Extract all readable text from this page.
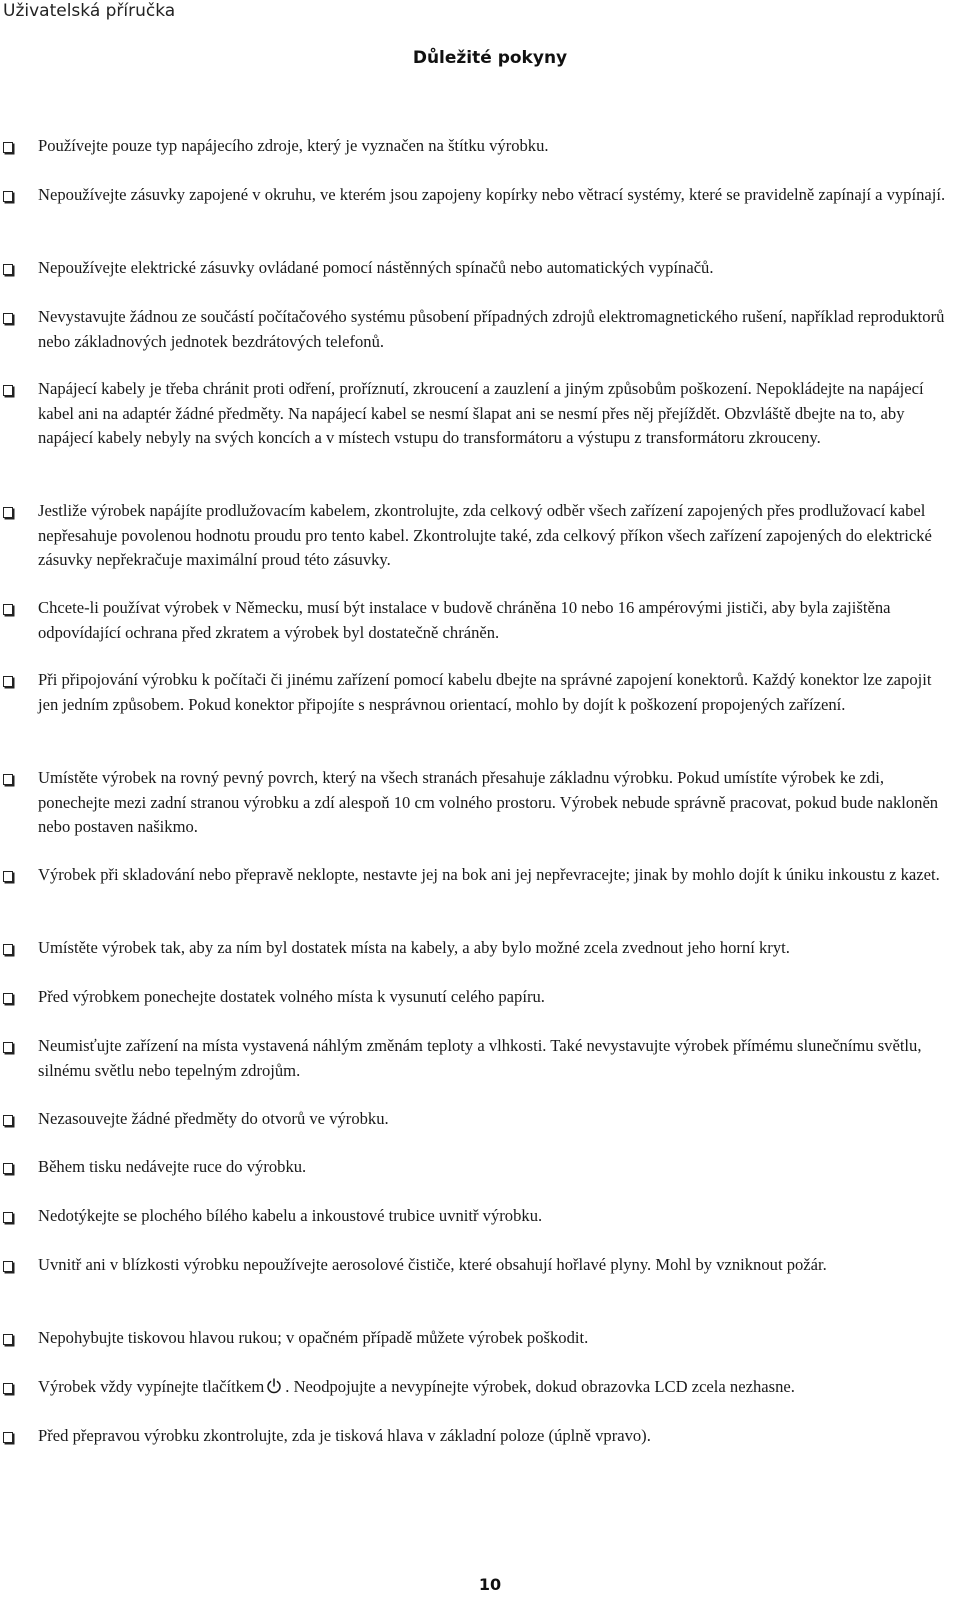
Uživatelská příručka
Důležité pokyny
Používejte pouze typ napájecího zdroje, který je vyznačen na štítku výrobku.
Nepoužívejte zásuvky zapojené v okruhu, ve kterém jsou zapojeny kopírky nebo větrací systémy, které se pravidelně zapínají a vypínají.
Nepoužívejte elektrické zásuvky ovládané pomocí nástěnných spínačů nebo automatických vypínačů.
Nevystavujte žádnou ze součástí počítačového systému působení případných zdrojů elektromagnetického rušení, například reproduktorů nebo základnových jednotek bezdrátových telefonů.
Napájecí kabely je třeba chránit proti odření, proříznutí, zkroucení a zauzlení a jiným způsobům poškození. Nepokládejte na napájecí kabel ani na adaptér žádné předměty. Na napájecí kabel se nesmí šlapat ani se nesmí přes něj přejíždět. Obzvláště dbejte na to, aby napájecí kabely nebyly na svých koncích a v místech vstupu do transformátoru a výstupu z transformátoru zkrouceny.
Jestliže výrobek napájíte prodlužovacím kabelem, zkontrolujte, zda celkový odběr všech zařízení zapojených přes prodlužovací kabel nepřesahuje povolenou hodnotu proudu pro tento kabel. Zkontrolujte také, zda celkový příkon všech zařízení zapojených do elektrické zásuvky nepřekračuje maximální proud této zásuvky.
Chcete-li používat výrobek v Německu, musí být instalace v budově chráněna 10 nebo 16 ampérovými jističi, aby byla zajištěna odpovídající ochrana před zkratem a výrobek byl dostatečně chráněn.
Při připojování výrobku k počítači či jinému zařízení pomocí kabelu dbejte na správné zapojení konektorů. Každý konektor lze zapojit jen jedním způsobem. Pokud konektor připojíte s nesprávnou orientací, mohlo by dojít k poškození propojených zařízení.
Umístěte výrobek na rovný pevný povrch, který na všech stranách přesahuje základnu výrobku. Pokud umístíte výrobek ke zdi, ponechejte mezi zadní stranou výrobku a zdí alespoň 10 cm volného prostoru. Výrobek nebude správně pracovat, pokud bude nakloněn nebo postaven našikmo.
Výrobek při skladování nebo přepravě neklopte, nestavte jej na bok ani jej nepřevracejte; jinak by mohlo dojít k úniku inkoustu z kazet.
Umístěte výrobek tak, aby za ním byl dostatek místa na kabely, a aby bylo možné zcela zvednout jeho horní kryt.
Před výrobkem ponechejte dostatek volného místa k vysunutí celého papíru.
Neumisťujte zařízení na místa vystavená náhlým změnám teploty a vlhkosti. Také nevystavujte výrobek přímému slunečnímu světlu, silnému světlu nebo tepelným zdrojům.
Nezasouvejte žádné předměty do otvorů ve výrobku.
Během tisku nedávejte ruce do výrobku.
Nedotýkejte se plochého bílého kabelu a inkoustové trubice uvnitř výrobku.
Uvnitř ani v blízkosti výrobku nepoužívejte aerosolové čističe, které obsahují hořlavé plyny. Mohl by vzniknout požár.
Nepohybujte tiskovou hlavou rukou; v opačném případě můžete výrobek poškodit.
Výrobek vždy vypínejte tlačítkem . Neodpojujte a nevypínejte výrobek, dokud obrazovka LCD zcela nezhasne.
Před přepravou výrobku zkontrolujte, zda je tisková hlava v základní poloze (úplně vpravo).
10
